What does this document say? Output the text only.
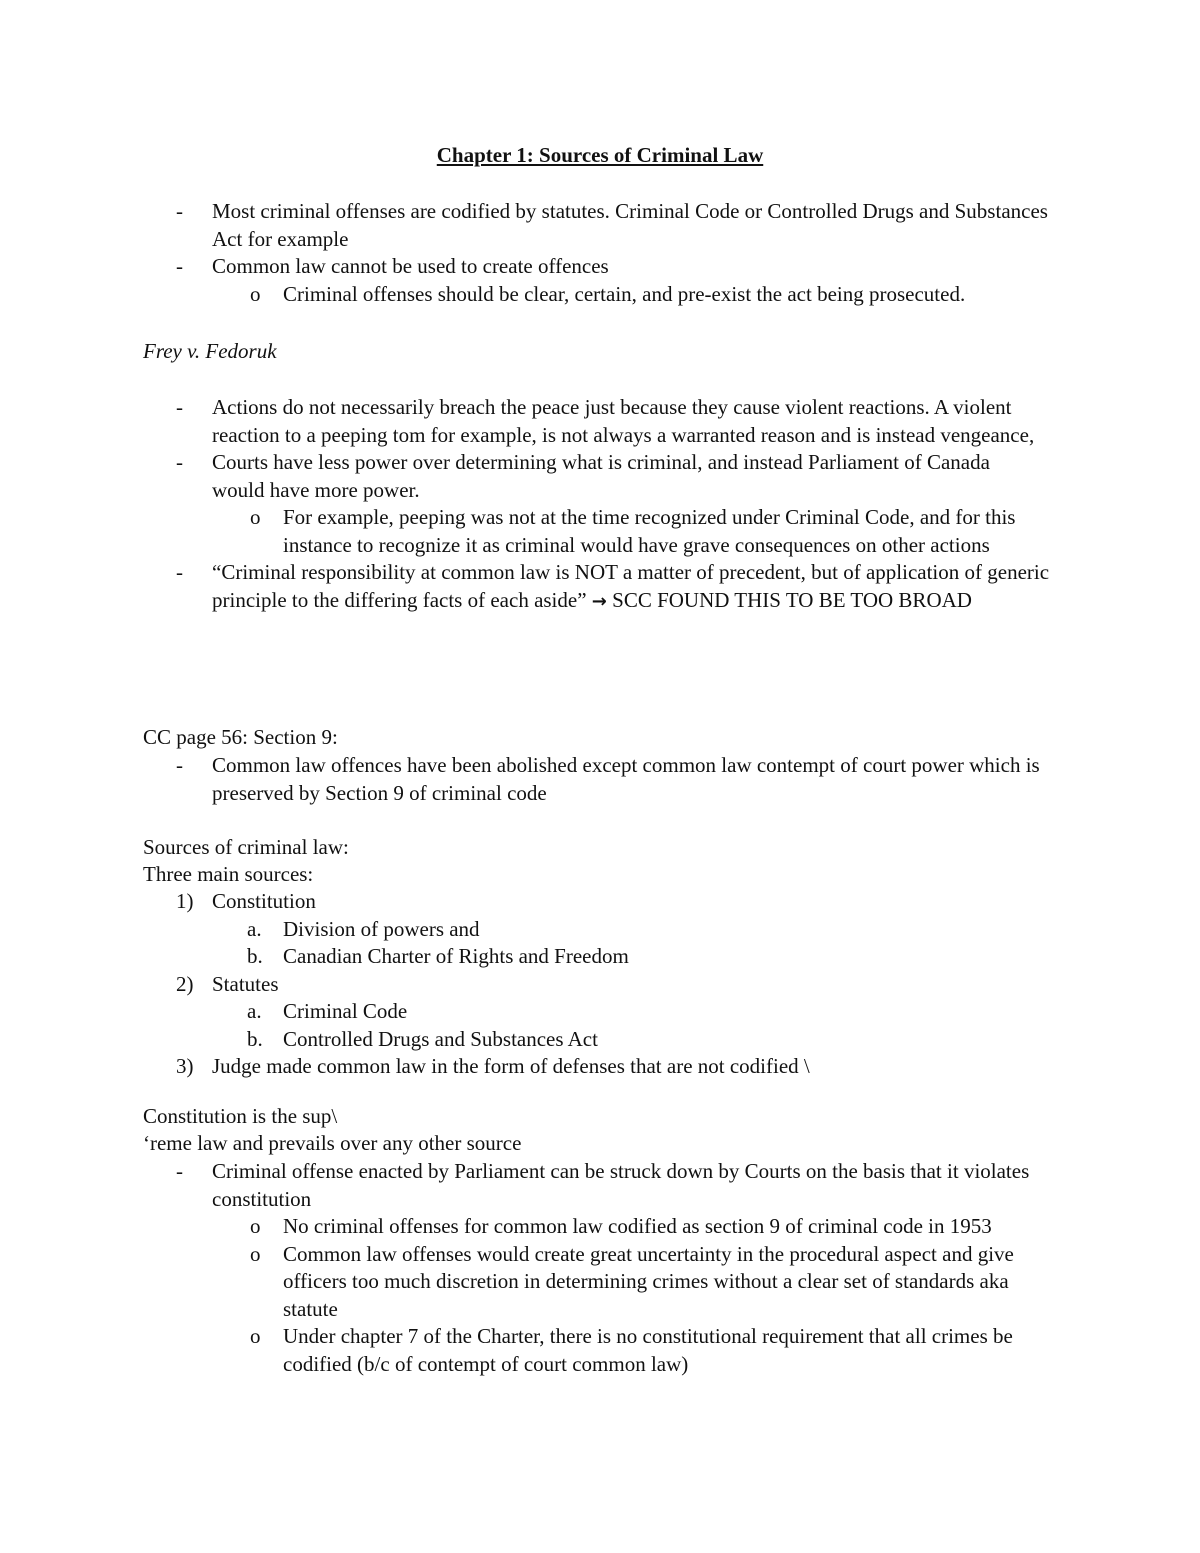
Chapter 1: Sources of Criminal Law
- Most criminal offenses are codified by statutes. Criminal Code or Controlled Drugs and Substances Act for example
- Common law cannot be used to create offences
o Criminal offenses should be clear, certain, and pre-exist the act being prosecuted.
Frey v. Fedoruk
- Actions do not necessarily breach the peace just because they cause violent reactions. A violent reaction to a peeping tom for example, is not always a warranted reason and is instead vengeance,
- Courts have less power over determining what is criminal, and instead Parliament of Canada would have more power.
o For example, peeping was not at the time recognized under Criminal Code, and for this instance to recognize it as criminal would have grave consequences on other actions
- “Criminal responsibility at common law is NOT a matter of precedent, but of application of generic principle to the differing facts of each aside” → SCC FOUND THIS TO BE TOO BROAD
CC page 56: Section 9:
- Common law offences have been abolished except common law contempt of court power which is preserved by Section 9 of criminal code
Sources of criminal law:
Three main sources:
1) Constitution
a. Division of powers and
b. Canadian Charter of Rights and Freedom
2) Statutes
a. Criminal Code
b. Controlled Drugs and Substances Act
3) Judge made common law in the form of defenses that are not codified \
Constitution is the sup\
‘reme law and prevails over any other source
- Criminal offense enacted by Parliament can be struck down by Courts on the basis that it violates constitution
o No criminal offenses for common law codified as section 9 of criminal code in 1953
o Common law offenses would create great uncertainty in the procedural aspect and give officers too much discretion in determining crimes without a clear set of standards aka statute
o Under chapter 7 of the Charter, there is no constitutional requirement that all crimes be codified (b/c of contempt of court common law)
